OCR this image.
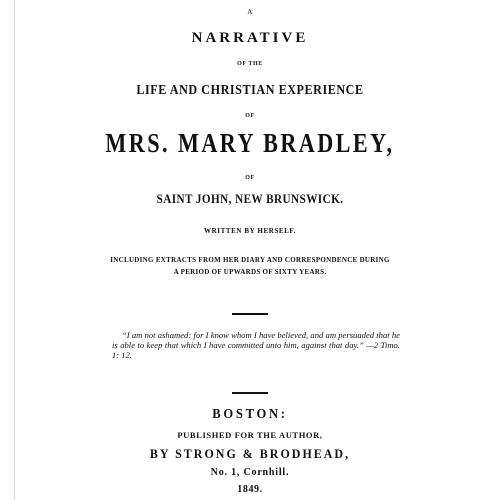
A
NARRATIVE
OF THE
LIFE AND CHRISTIAN EXPERIENCE
OF
MRS. MARY BRADLEY,
OF
SAINT JOHN, NEW BRUNSWICK.
WRITTEN BY HERSELF.
INCLUDING EXTRACTS FROM HER DIARY AND CORRESPONDENCE DURING
A PERIOD OF UPWARDS OF SIXTY YEARS.
“I am not ashamed: for I know whom I have believed, and am persuaded that he is able to keep that which I have committed unto him, against that day.” —2 Timo. 1: 12.
BOSTON:
PUBLISHED FOR THE AUTHOR,
BY STRONG & BRODHEAD,
No. 1, Cornhill.
1849.
